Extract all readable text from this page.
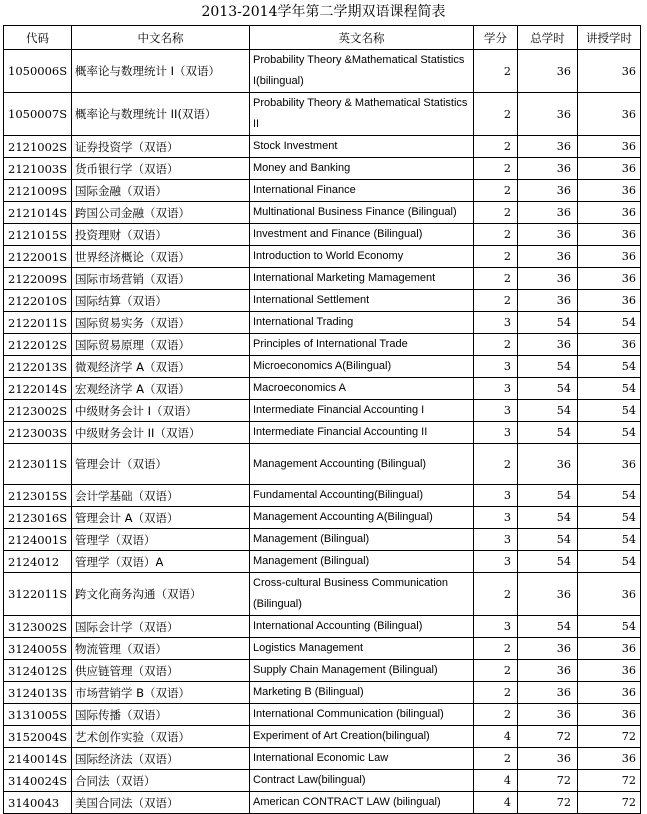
2013-2014学年第二学期双语课程简表
代码	中文名称	英文名称	学分	总学时	讲授学时
1050006S	概率论与数理统计 I（双语）	Probability Theory &Mathematical Statistics I(bilingual)	2	36	36
1050007S	概率论与数理统计 II(双语）	Probability Theory & Mathematical Statistics II	2	36	36
2121002S	证券投资学（双语）	Stock Investment	2	36	36
2121003S	货币银行学（双语）	Money and Banking	2	36	36
2121009S	国际金融（双语）	International Finance	2	36	36
2121014S	跨国公司金融（双语）	Multinational Business Finance (Bilingual)	2	36	36
2121015S	投资理财（双语）	Investment and Finance (Bilingual)	2	36	36
2122001S	世界经济概论（双语）	Introduction to World Economy	2	36	36
2122009S	国际市场营销（双语）	International Marketing Mamagement	2	36	36
2122010S	国际结算（双语）	International Settlement	2	36	36
2122011S	国际贸易实务（双语）	International Trading	3	54	54
2122012S	国际贸易原理（双语）	Principles of International Trade	2	36	36
2122013S	微观经济学 A（双语）	Microeconomics A(Bilingual)	3	54	54
2122014S	宏观经济学 A（双语）	Macroeconomics A	3	54	54
2123002S	中级财务会计 I（双语）	Intermediate Financial Accounting I	3	54	54
2123003S	中级财务会计 II（双语）	Intermediate Financial Accounting II	3	54	54
2123011S	管理会计（双语）	Management Accounting (Bilingual)	2	36	36
2123015S	会计学基础（双语）	Fundamental Accounting(Bilingual)	3	54	54
2123016S	管理会计 A（双语）	Management Accounting A(Bilingual)	3	54	54
2124001S	管理学（双语）	Management (Bilingual)	3	54	54
2124012	管理学（双语）A	Management (Bilingual)	3	54	54
3122011S	跨文化商务沟通（双语）	Cross-cultural Business Communication (Bilingual)	2	36	36
3123002S	国际会计学（双语）	International Accounting (Bilingual)	3	54	54
3124005S	物流管理（双语）	Logistics Management	2	36	36
3124012S	供应链管理（双语）	Supply Chain Management (Bilingual)	2	36	36
3124013S	市场营销学 B（双语）	Marketing B (Bilingual)	2	36	36
3131005S	国际传播（双语）	International Communication (bilingual)	2	36	36
3152004S	艺术创作实验（双语）	Experiment of Art Creation(bilingual)	4	72	72
2140014S	国际经济法（双语）	International Economic Law	2	36	36
3140024S	合同法（双语）	Contract Law(bilingual)	4	72	72
3140043	美国合同法（双语）	American CONTRACT LAW (bilingual)	4	72	72
